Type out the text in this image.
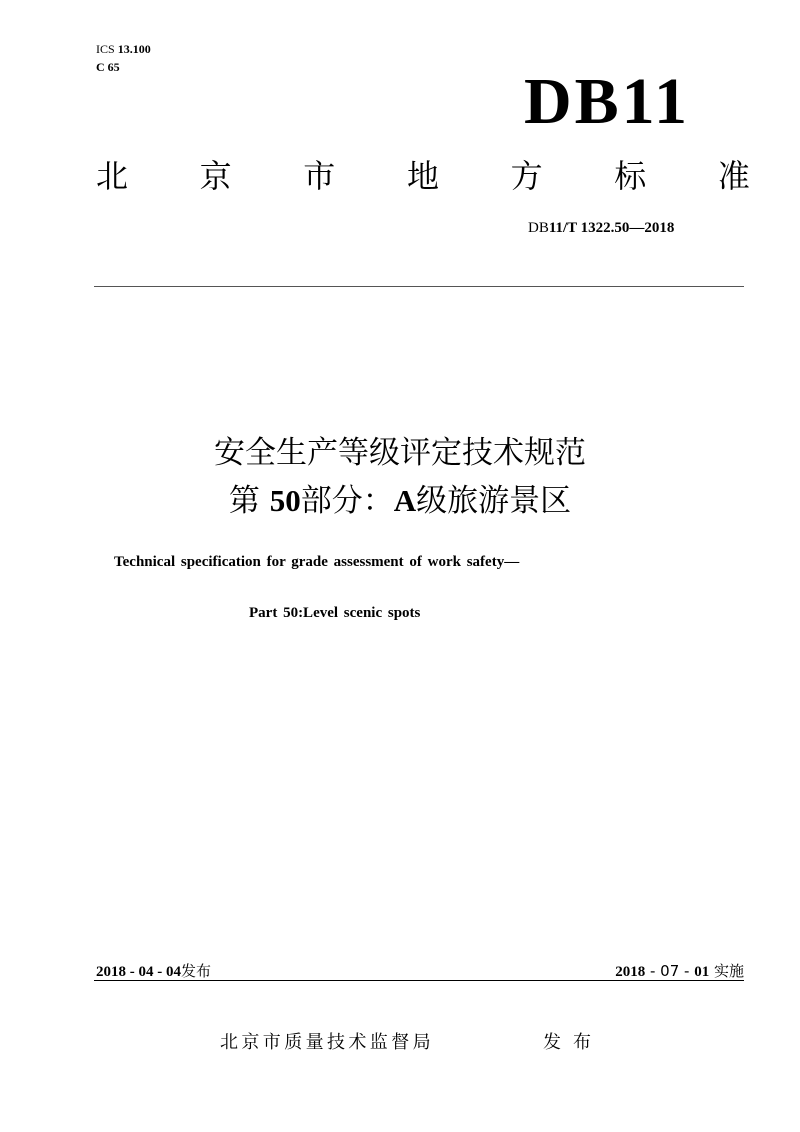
ICS 13.100
C 65	DB11
北 京 市 地 方 标 准
DB11/T 1322.50—2018
安全生产等级评定技术规范
第 50部分：A级旅游景区
Technical specification for grade assessment of work safety—
Part 50:Level scenic spots
2018 - 04 - 04发布	2018 - 07 - 01 实施
北京市质量技术监督局	发布
